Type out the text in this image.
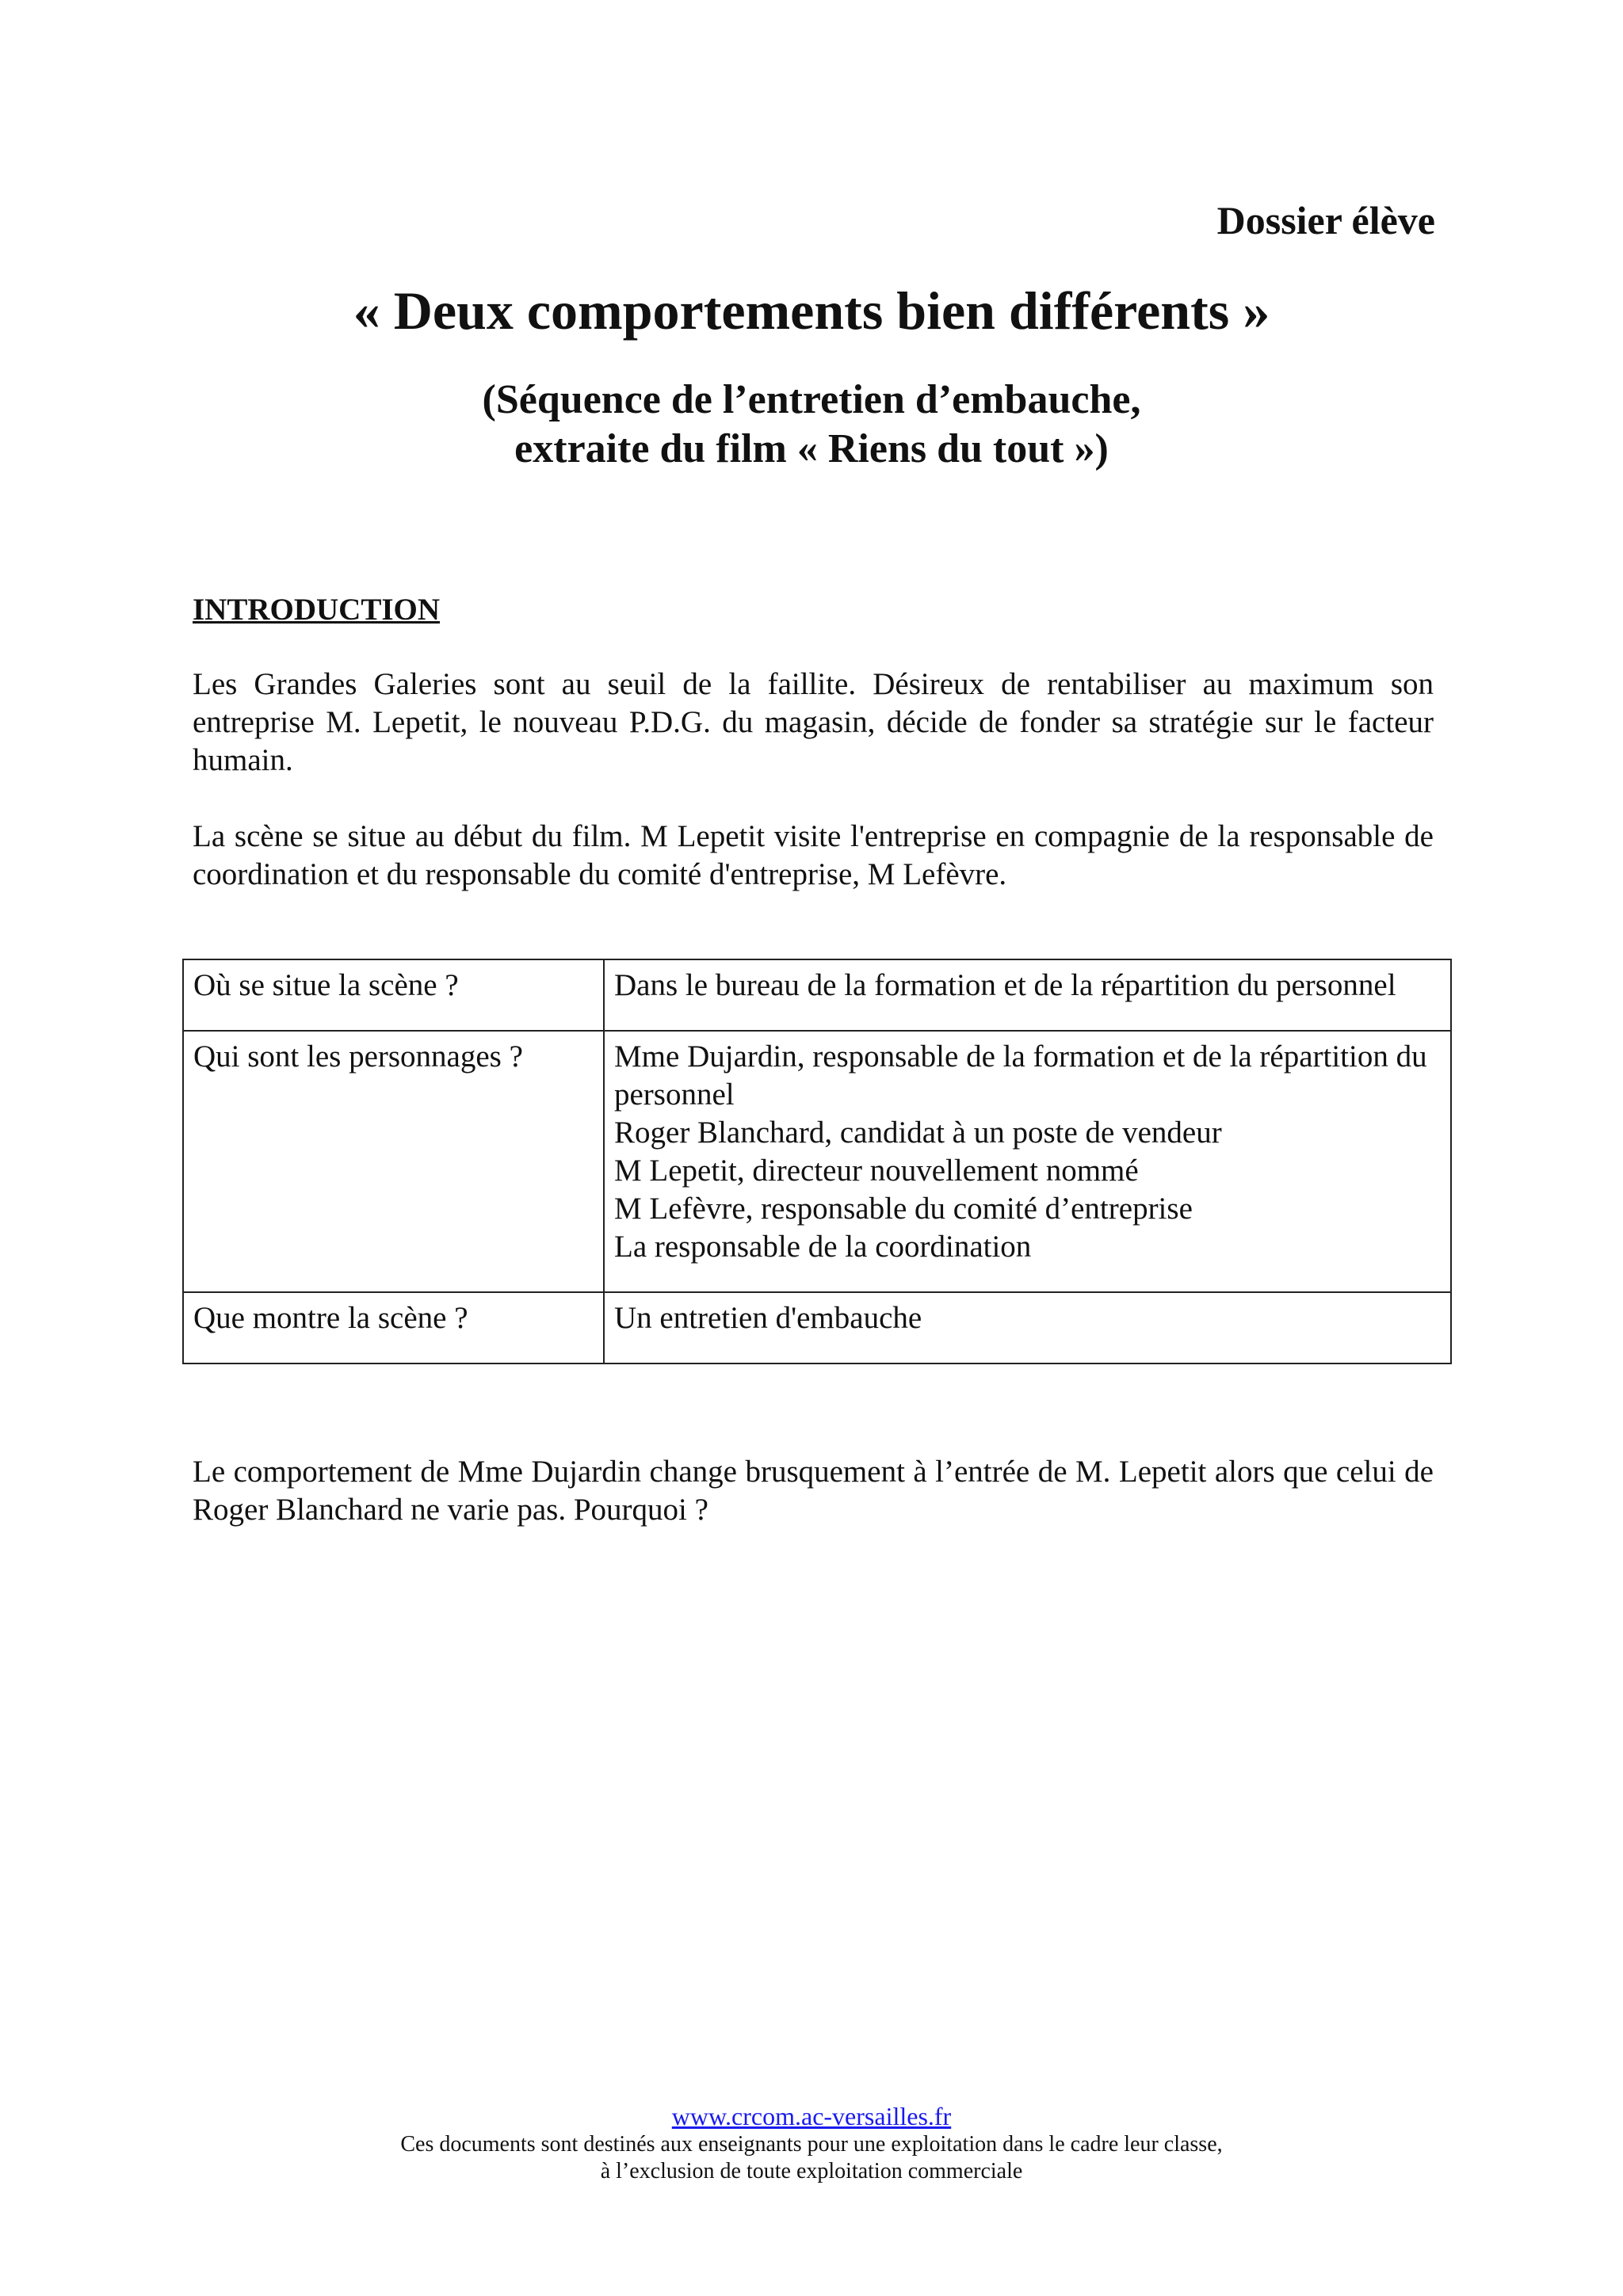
Dossier élève
« Deux comportements bien différents »
(Séquence de l’entretien d’embauche,
extraite du film « Riens du tout »)
INTRODUCTION
Les Grandes Galeries sont au seuil de la faillite. Désireux de rentabiliser au maximum son entreprise M. Lepetit, le nouveau P.D.G. du magasin, décide de fonder sa stratégie sur le facteur humain.
La scène se situe au début du film. M Lepetit visite l'entreprise en compagnie de la responsable de coordination et du responsable du comité d'entreprise, M Lefèvre.
Où se situe la scène ?	Dans le bureau de la formation et de la répartition du personnel

Qui sont les personnages ?	Mme Dujardin, responsable de la formation et de la répartition du personnel
Roger Blanchard, candidat à un poste de vendeur
M Lepetit, directeur nouvellement nommé
M Lefèvre, responsable du comité d’entreprise
La responsable de la coordination

Que montre la scène ?	Un entretien d'embauche
Le comportement de Mme Dujardin change brusquement à l’entrée de M. Lepetit alors que celui de Roger Blanchard ne varie pas. Pourquoi ?
www.crcom.ac-versailles.fr
Ces documents sont destinés aux enseignants pour une exploitation dans le cadre leur classe,
à l’exclusion de toute exploitation commerciale
